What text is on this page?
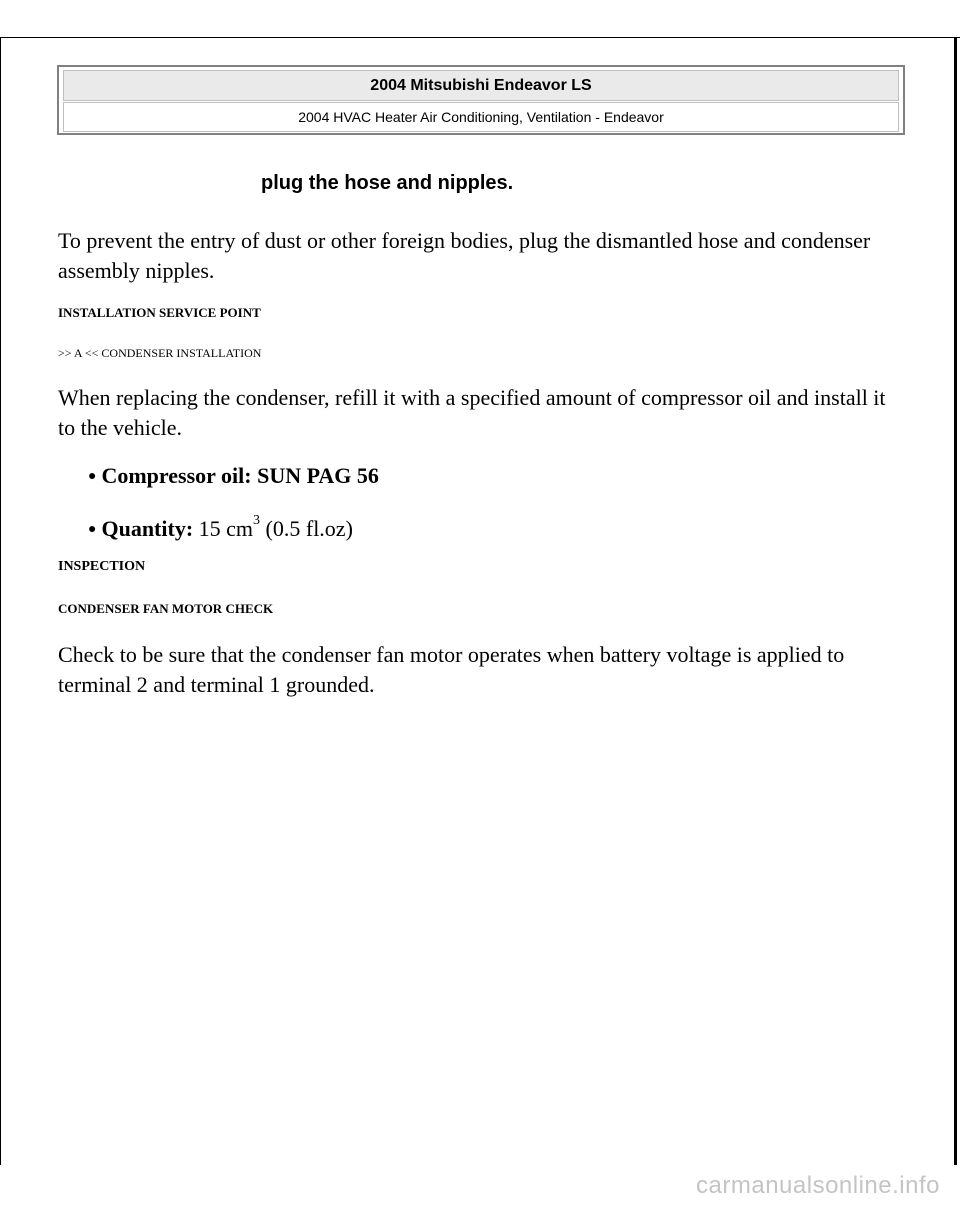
2004 Mitsubishi Endeavor LS
2004 HVAC Heater Air Conditioning, Ventilation - Endeavor
plug the hose and nipples.

To prevent the entry of dust or other foreign bodies, plug the dismantled hose and condenser assembly nipples.

INSTALLATION SERVICE POINT

>> A << CONDENSER INSTALLATION

When replacing the condenser, refill it with a specified amount of compressor oil and install it to the vehicle.

● Compressor oil: SUN PAG 56
● Quantity: 15 $cm^3$ (0.5 fl.oz)

INSPECTION

CONDENSER FAN MOTOR CHECK

Check to be sure that the condenser fan motor operates when battery voltage is applied to terminal 2 and terminal 1 grounded.

carmanualsonline.info
